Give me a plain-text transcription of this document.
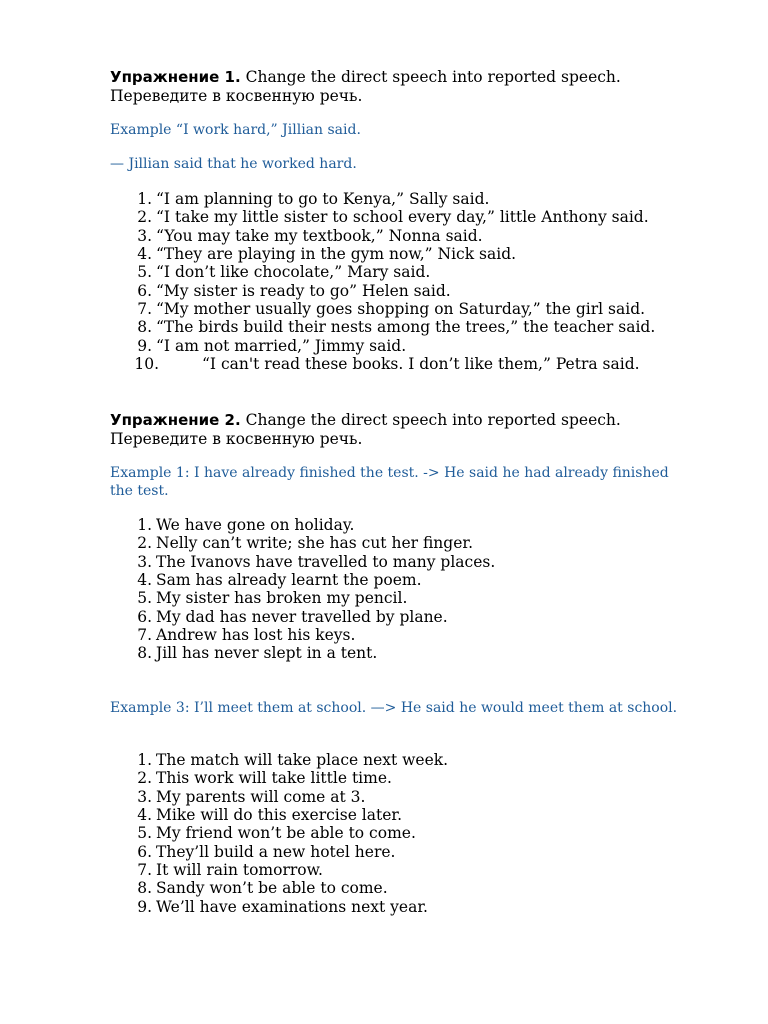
Упражнение 1. Change the direct speech into reported speech.
Переведите в косвенную речь.
Example “I work hard,” Jillian said.
— Jillian said that he worked hard.
1. “I am planning to go to Kenya,” Sally said.
2. “I take my little sister to school every day,” little Anthony said.
3. “You may take my textbook,” Nonna said.
4. “They are playing in the gym now,” Nick said.
5. “I don’t like chocolate,” Mary said.
6. “My sister is ready to go” Helen said.
7. “My mother usually goes shopping on Saturday,” the girl said.
8. “The birds build their nests among the trees,” the teacher said.
9. “I am not married,” Jimmy said.
10.	“I can't read these books. I don’t like them,” Petra said.
Упражнение 2. Change the direct speech into reported speech.
Переведите в косвенную речь.
Example 1: I have already finished the test. -> He said he had already finished the test.
1. We have gone on holiday.
2. Nelly can’t write; she has cut her finger.
3. The Ivanovs have travelled to many places.
4. Sam has already learnt the poem.
5. My sister has broken my pencil.
6. My dad has never travelled by plane.
7. Andrew has lost his keys.
8. Jill has never slept in a tent.
Example 3: I’ll meet them at school. —> He said he would meet them at school.
1. The match will take place next week.
2. This work will take little time.
3. My parents will come at 3.
4. Mike will do this exercise later.
5. My friend won’t be able to come.
6. They’ll build a new hotel here.
7. It will rain tomorrow.
8. Sandy won’t be able to come.
9. We’ll have examinations next year.
